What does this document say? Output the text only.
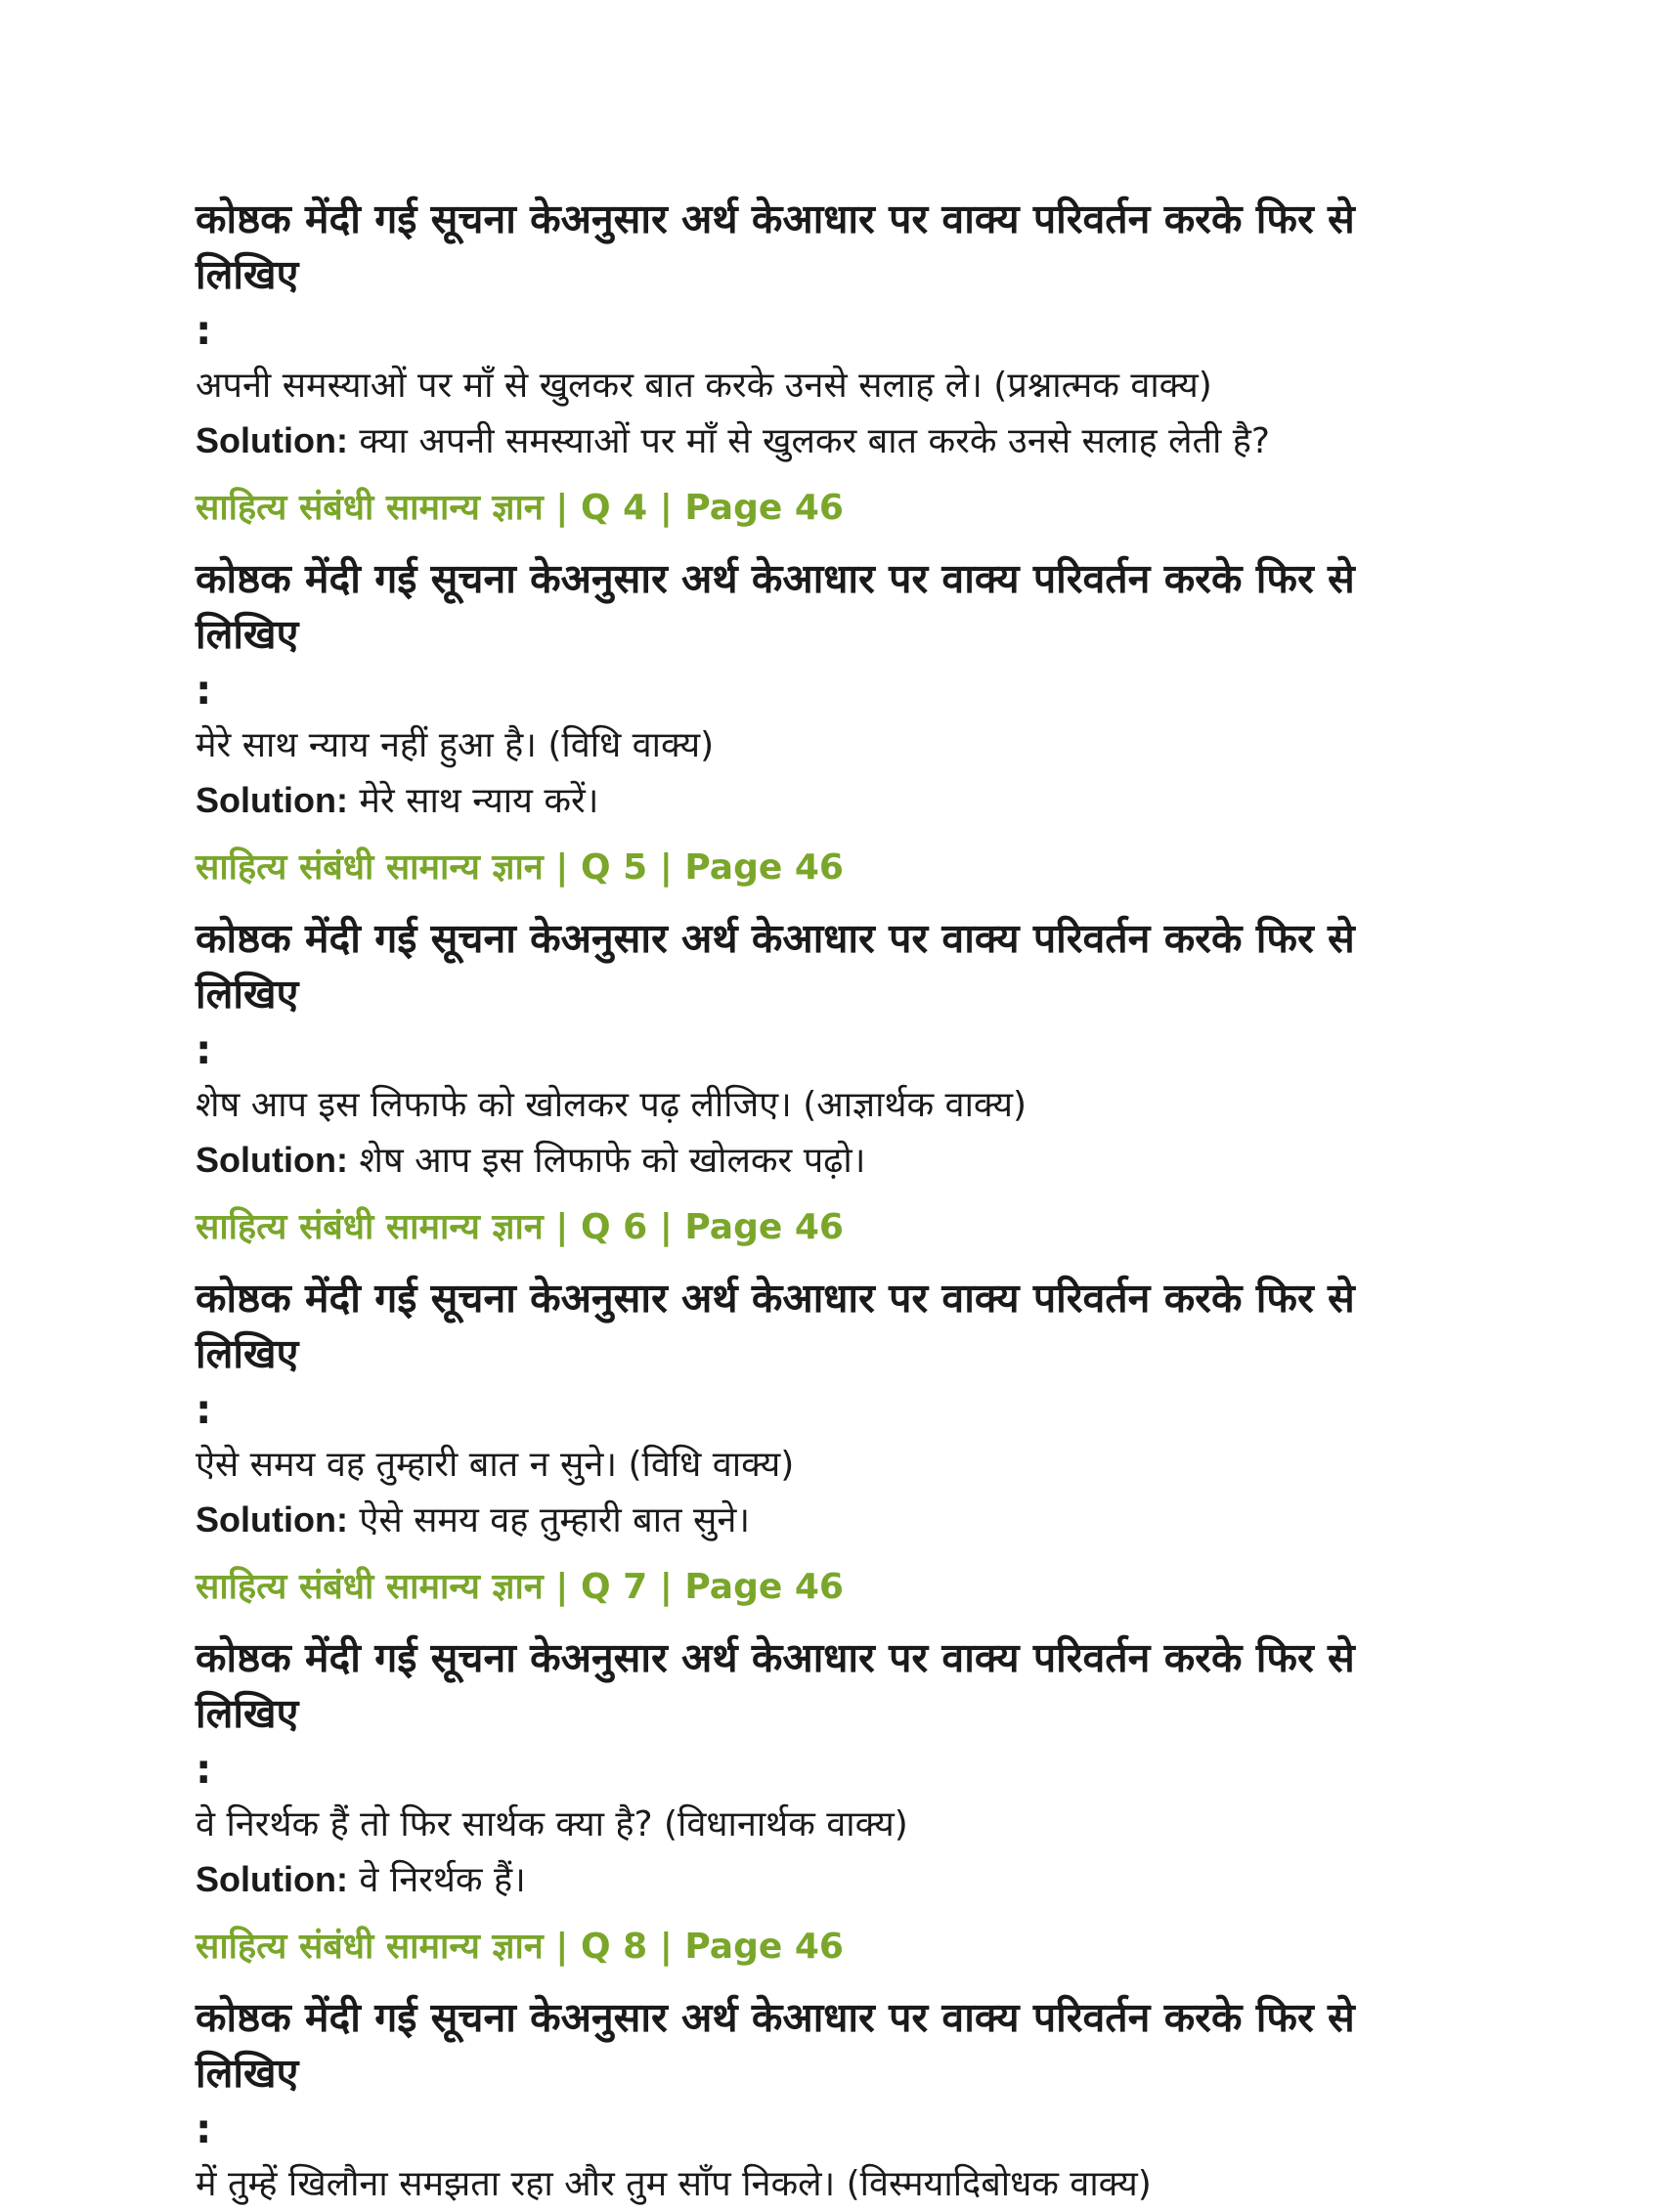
कोष्ठक मेंदी गई सूचना केअनुसार अर्थ केआधार पर वाक्य परिवर्तन करके फिर से लिखिए

:

अपनी समस्याओं पर माँ से खुलकर बात करके उनसे सलाह ले। (प्रश्नात्मक वाक्य)

Solution: क्या अपनी समस्याओं पर माँ से खुलकर बात करके उनसे सलाह लेती है?

साहित्य संबंधी सामान्य ज्ञान | Q 4 | Page 46

कोष्ठक मेंदी गई सूचना केअनुसार अर्थ केआधार पर वाक्य परिवर्तन करके फिर से लिखिए

:

मेरे साथ न्याय नहीं हुआ है। (विधि वाक्य)

Solution: मेरे साथ न्याय करें।

साहित्य संबंधी सामान्य ज्ञान | Q 5 | Page 46

कोष्ठक मेंदी गई सूचना केअनुसार अर्थ केआधार पर वाक्य परिवर्तन करके फिर से लिखिए

:

शेष आप इस लिफाफे को खोलकर पढ़ लीजिए। (आज्ञार्थक वाक्य)

Solution: शेष आप इस लिफाफे को खोलकर पढ़ो।

साहित्य संबंधी सामान्य ज्ञान | Q 6 | Page 46

कोष्ठक मेंदी गई सूचना केअनुसार अर्थ केआधार पर वाक्य परिवर्तन करके फिर से लिखिए

:

ऐसे समय वह तुम्हारी बात न सुने। (विधि वाक्य)

Solution: ऐसे समय वह तुम्हारी बात सुने।

साहित्य संबंधी सामान्य ज्ञान | Q 7 | Page 46

कोष्ठक मेंदी गई सूचना केअनुसार अर्थ केआधार पर वाक्य परिवर्तन करके फिर से लिखिए

:

वे निरर्थक हैं तो फिर सार्थक क्या है? (विधानार्थक वाक्य)

Solution: वे निरर्थक हैं।

साहित्य संबंधी सामान्य ज्ञान | Q 8 | Page 46

कोष्ठक मेंदी गई सूचना केअनुसार अर्थ केआधार पर वाक्य परिवर्तन करके फिर से लिखिए

:

में तुम्हें खिलौना समझता रहा और तुम साँप निकले। (विस्मयादिबोधक वाक्य)
